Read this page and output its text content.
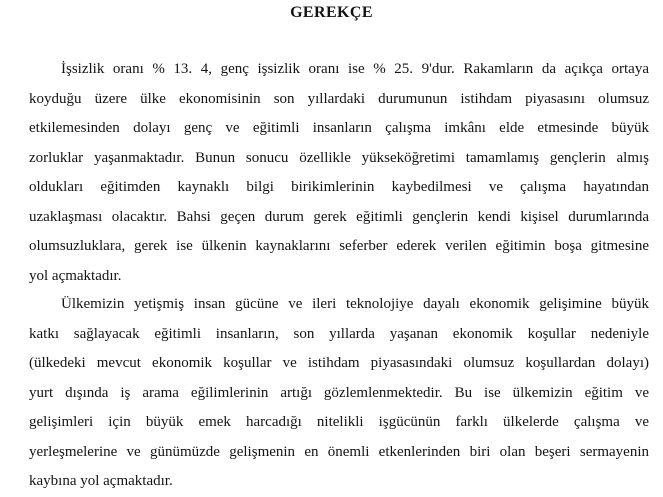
GEREKÇE
İşsizlik oranı % 13. 4, genç işsizlik oranı ise % 25. 9'dur. Rakamların da açıkça ortaya
koyduğu üzere ülke ekonomisinin son yıllardaki durumunun istihdam piyasasını olumsuz
etkilemesinden dolayı genç ve eğitimli insanların çalışma imkânı elde etmesinde büyük
zorluklar yaşanmaktadır. Bunun sonucu özellikle yükseköğretimi tamamlamış gençlerin almış
oldukları eğitimden kaynaklı bilgi birikimlerinin kaybedilmesi ve çalışma hayatından
uzaklaşması olacaktır. Bahsi geçen durum gerek eğitimli gençlerin kendi kişisel durumlarında
olumsuzluklara, gerek ise ülkenin kaynaklarını seferber ederek verilen eğitimin boşa gitmesine
yol açmaktadır.
Ülkemizin yetişmiş insan gücüne ve ileri teknolojiye dayalı ekonomik gelişimine büyük
katkı sağlayacak eğitimli insanların, son yıllarda yaşanan ekonomik koşullar nedeniyle
(ülkedeki mevcut ekonomik koşullar ve istihdam piyasasındaki olumsuz koşullardan dolayı)
yurt dışında iş arama eğilimlerinin artığı gözlemlenmektedir. Bu ise ülkemizin eğitim ve
gelişimleri için büyük emek harcadığı nitelikli işgücünün farklı ülkelerde çalışma ve
yerleşmelerine ve günümüzde gelişmenin en önemli etkenlerinden biri olan beşeri sermayenin
kaybına yol açmaktadır.
